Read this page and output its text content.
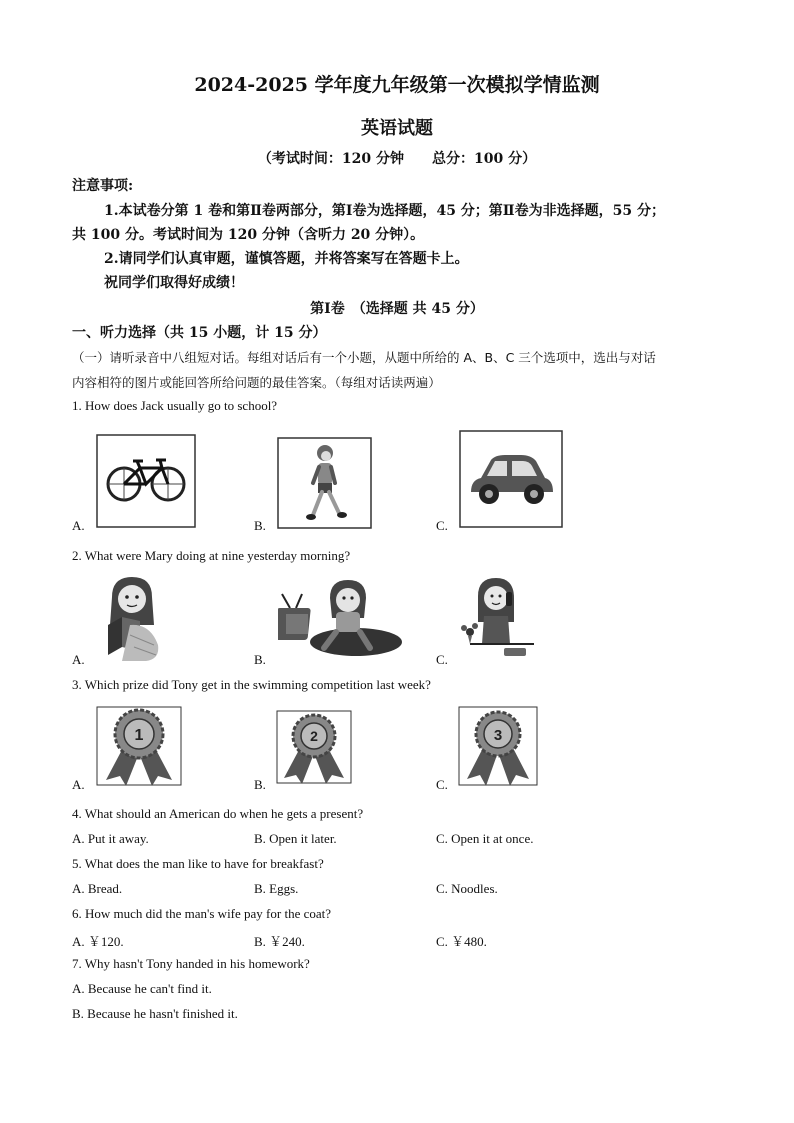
2024-2025 学年度九年级第一次模拟学情监测
英语试题
（考试时间：120 分钟　　总分：100 分）
注意事项:
1.本试卷分第 1 卷和第Ⅱ卷两部分，第Ⅰ卷为选择题，45 分；第Ⅱ卷为非选择题，55 分；
共 100 分。考试时间为 120 分钟（含听力 20 分钟）。
2.请同学们认真审题，谨慎答题，并将答案写在答题卡上。
祝同学们取得好成绩！
第Ⅰ卷　（选择题 共 45 分）
一、听力选择（共 15 小题，计 15 分）
（一）请听录音中八组短对话。每组对话后有一个小题，从题中所给的 A、B、C 三个选项中，选出与对话
内容相符的图片或能回答所给问题的最佳答案。（每组对话读两遍）
1. How does Jack usually go to school?
A.	B.	C.
2. What were Mary doing at nine yesterday morning?
A.	B.	C.
3. Which prize did Tony get in the swimming competition last week?
A.	B.	C.
1	2	3
4. What should an American do when he gets a present?
A. Put it away.	B. Open it later.	C. Open it at once.
5. What does the man like to have for breakfast?
A. Bread.	B. Eggs.	C. Noodles.
6. How much did the man's wife pay for the coat?
A. ￥120.	B. ￥240.	C. ￥480.
7. Why hasn't Tony handed in his homework?
A. Because he can't find it.
B. Because he hasn't finished it.
